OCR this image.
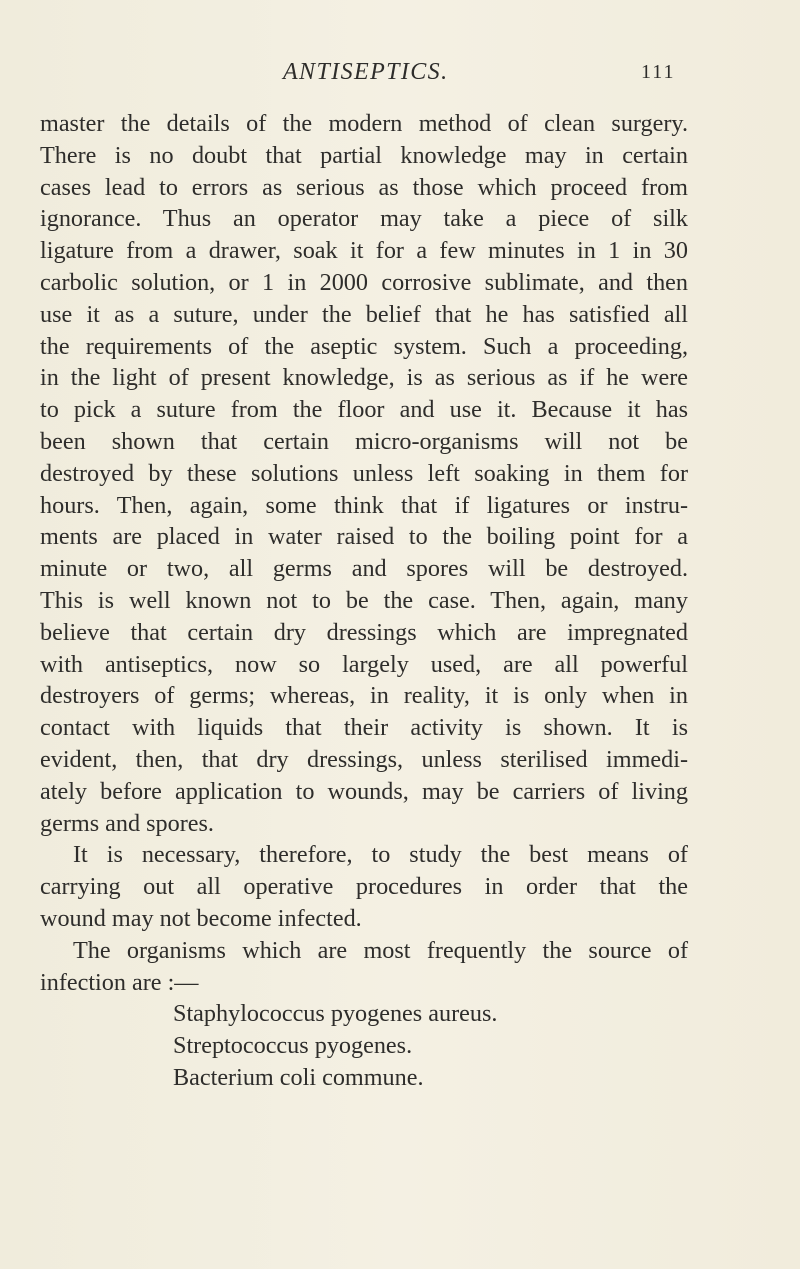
ANTISEPTICS.	111
master the details of the modern method of clean surgery.
There is no doubt that partial knowledge may in certain
cases lead to errors as serious as those which proceed from
ignorance. Thus an operator may take a piece of silk
ligature from a drawer, soak it for a few minutes in 1 in 30
carbolic solution, or 1 in 2000 corrosive sublimate, and then
use it as a suture, under the belief that he has satisfied all
the requirements of the aseptic system. Such a proceeding,
in the light of present knowledge, is as serious as if he were
to pick a suture from the floor and use it. Because it has
been shown that certain micro-organisms will not be
destroyed by these solutions unless left soaking in them for
hours. Then, again, some think that if ligatures or instru-
ments are placed in water raised to the boiling point for a
minute or two, all germs and spores will be destroyed.
This is well known not to be the case. Then, again, many
believe that certain dry dressings which are impregnated
with antiseptics, now so largely used, are all powerful
destroyers of germs; whereas, in reality, it is only when in
contact with liquids that their activity is shown. It is
evident, then, that dry dressings, unless sterilised immedi-
ately before application to wounds, may be carriers of living
germs and spores.
It is necessary, therefore, to study the best means of
carrying out all operative procedures in order that the
wound may not become infected.
The organisms which are most frequently the source of
infection are :—
Staphylococcus pyogenes aureus.
Streptococcus pyogenes.
Bacterium coli commune.
